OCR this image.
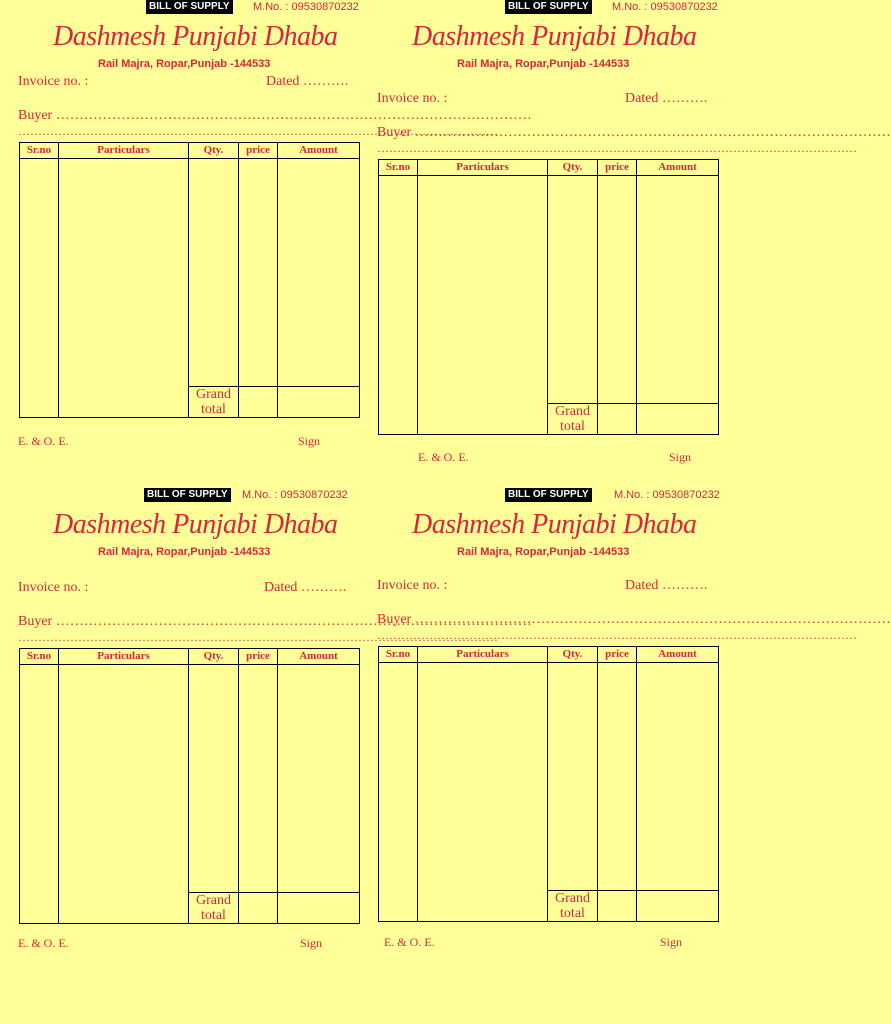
BILL OF SUPPLY M.No. : 09530870232
Dashmesh Punjabi Dhaba
Rail Majra, Ropar,Punjab -144533
Invoice no. :	Dated ……….
Buyer …………………………………………………………………………………………
…………………………………………………………………………………………………………
Sr.no	Particulars	Qty.	price	Amount

		Grand total		
E. & O. E.	Sign
BILL OF SUPPLY M.No. : 09530870232
Dashmesh Punjabi Dhaba
Rail Majra, Ropar,Punjab -144533
Invoice no. :	Dated ……….
Buyer …………………………………………………………………………………………
…………………………………………………………………………………………………………
Sr.no	Particulars	Qty.	price	Amount

		Grand total		
E. & O. E.	Sign
BILL OF SUPPLY M.No. : 09530870232
Dashmesh Punjabi Dhaba
Rail Majra, Ropar,Punjab -144533
Invoice no. :	Dated ……….
Buyer …………………………………………………………………………………………
…………………………………………………………………………………………………………
Sr.no	Particulars	Qty.	price	Amount

		Grand total		
E. & O. E.	Sign
BILL OF SUPPLY M.No. : 09530870232
Dashmesh Punjabi Dhaba
Rail Majra, Ropar,Punjab -144533
Invoice no. :	Dated ……….
Buyer …………………………………………………………………………………………
…………………………………………………………………………………………………………
Sr.no	Particulars	Qty.	price	Amount

		Grand total		
E. & O. E.	Sign
